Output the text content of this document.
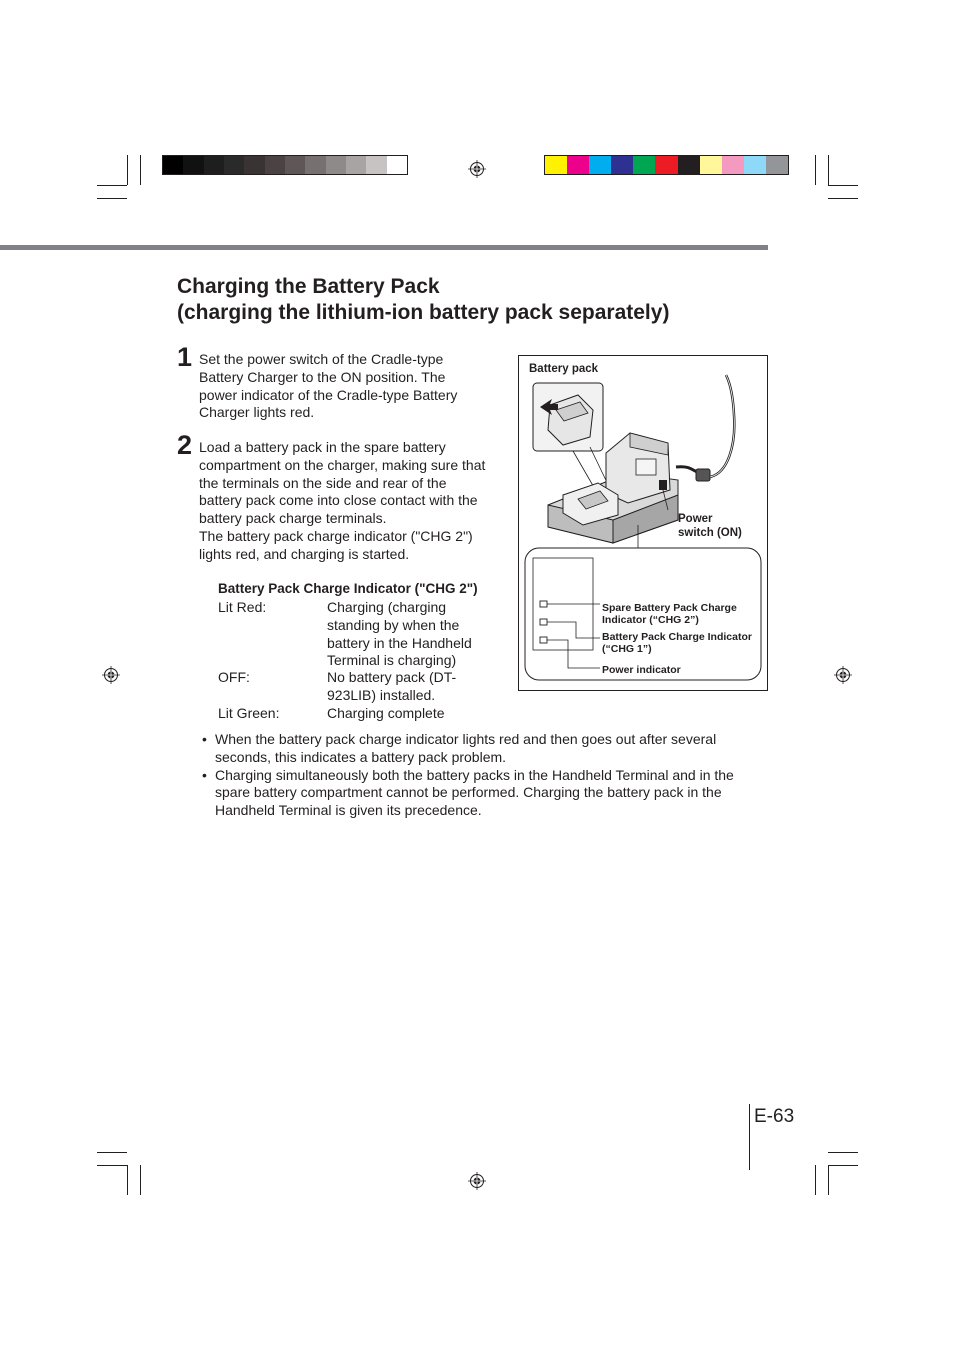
Charging the Battery Pack
(charging the lithium-ion battery pack separately)
1 Set the power switch of the Cradle-type Battery Charger to the ON position. The power indicator of the Cradle-type Battery Charger lights red.
2 Load a battery pack in the spare battery compartment on the charger, making sure that the terminals on the side and rear of the battery pack come into close contact with the battery pack charge terminals.
The battery pack charge indicator ("CHG 2") lights red, and charging is started.
Battery Pack Charge Indicator ("CHG 2")
Lit Red:	Charging (charging standing by when the battery in the Handheld Terminal is charging)
OFF:	No battery pack (DT-923LIB) installed.
Lit Green:	Charging complete
Battery pack
Power
switch (ON)
Spare Battery Pack Charge
Indicator (“CHG 2”)
Battery Pack Charge Indicator
(“CHG 1”)
Power indicator
• When the battery pack charge indicator lights red and then goes out after several seconds, this indicates a battery pack problem.
• Charging simultaneously both the battery packs in the Handheld Terminal and in the spare battery compartment cannot be performed. Charging the battery pack in the Handheld Terminal is given its precedence.
E-63
